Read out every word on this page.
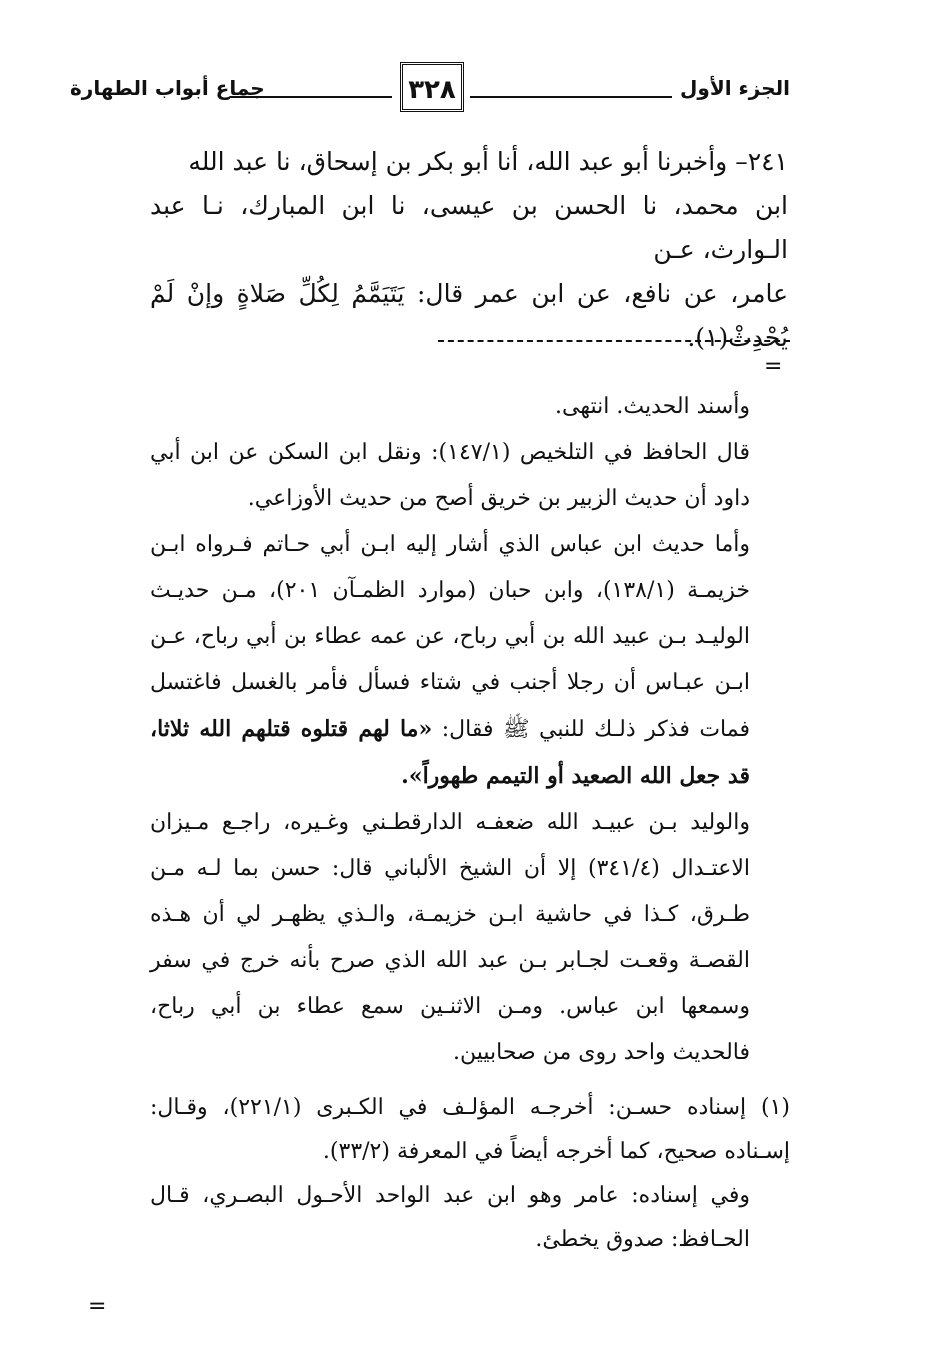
الجزء الأول
٣٢٨
جماع أبواب الطهارة

٢٤١– وأخبرنا أبو عبد الله، أنا أبو بكر بن إسحاق، نا عبد الله

ابن محمد، نا الحسن بن عيسى، نا ابن المبارك، نـا عبد الـوارث، عـن

عامر، عن نافع، عن ابن عمر قال: يَتَيَمَّمُ لِكُلِّ صَلاةٍ وإنْ لَمْ يُحْدِثْ(١).

=

وأسند الحديث. انتهى.

قال الحافظ في التلخيص (١٤٧/١): ونقل ابن السكن عن ابن أبي داود أن حديث الزبير بن خريق أصح من حديث الأوزاعي.

وأما حديث ابن عباس الذي أشار إليه ابـن أبي حـاتم فـرواه ابـن خزيمـة (١٣٨/١)، وابن حبان (موارد الظمـآن ٢٠١)، مـن حديـث الوليـد بـن عبيد الله بن أبي رباح، عن عمه عطاء بن أبي رباح، عـن ابـن عبـاس أن رجلا أجنب في شتاء فسأل فأمر بالغسل فاغتسل فمات فذكر ذلـك للنبي ﷺ فقال: «ما لهم قتلوه قتلهم الله ثلاثا، قد جعل الله الصعيد أو التيمم طهوراً».

والوليد بـن عبيـد الله ضعفـه الدارقطـني وغـيره، راجـع مـيزان الاعتـدال (٣٤١/٤) إلا أن الشيخ الألباني قال: حسن بما لـه مـن طـرق، كـذا في حاشية ابـن خزيمـة، والـذي يظهـر لي أن هـذه القصـة وقعـت لجـابر بـن عبد الله الذي صرح بأنه خرج في سفر وسمعها ابن عباس. ومـن الاثنـين سمع عطاء بن أبي رباح، فالحديث واحد روى من صحابيين.

(١) إسناده حسـن: أخرجـه المؤلـف في الكـبرى (٢٢١/١)، وقـال: إسـناده صحيح، كما أخرجه أيضاً في المعرفة (٣٣/٢).

وفي إسناده: عامر وهو ابن عبد الواحد الأحـول البصـري، قـال الحـافظ: صدوق يخطئ.

=
